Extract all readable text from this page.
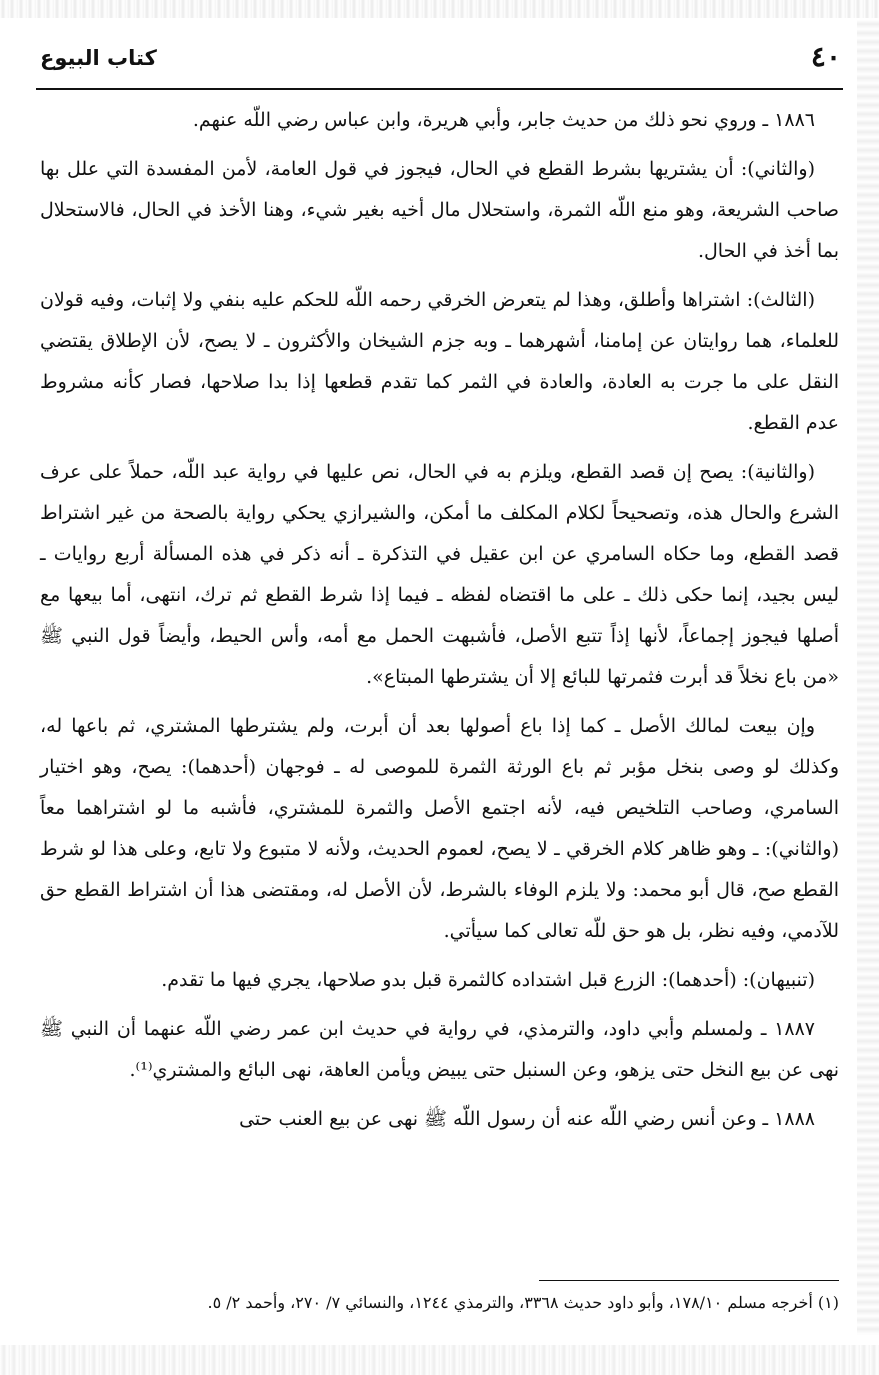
٤٠
كتاب البيوع

١٨٨٦ ـ وروي نحو ذلك من حديث جابر، وأبي هريرة، وابن عباس رضي اللّه عنهم.

(والثاني): أن يشتريها بشرط القطع في الحال، فيجوز في قول العامة، لأمن المفسدة التي علل بها صاحب الشريعة، وهو منع اللّه الثمرة، واستحلال مال أخيه بغير شيء، وهنا الأخذ في الحال، فالاستحلال بما أخذ في الحال.

(الثالث): اشتراها وأطلق، وهذا لم يتعرض الخرقي رحمه اللّه للحكم عليه بنفي ولا إثبات، وفيه قولان للعلماء، هما روايتان عن إمامنا، أشهرهما ـ وبه جزم الشيخان والأكثرون ـ لا يصح، لأن الإطلاق يقتضي النقل على ما جرت به العادة، والعادة في الثمر كما تقدم قطعها إذا بدا صلاحها، فصار كأنه مشروط عدم القطع.

(والثانية): يصح إن قصد القطع، ويلزم به في الحال، نص عليها في رواية عبد اللّه، حملاً على عرف الشرع والحال هذه، وتصحيحاً لكلام المكلف ما أمكن، والشيرازي يحكي رواية بالصحة من غير اشتراط قصد القطع، وما حكاه السامري عن ابن عقيل في التذكرة ـ أنه ذكر في هذه المسألة أربع روايات ـ ليس بجيد، إنما حكى ذلك ـ على ما اقتضاه لفظه ـ فيما إذا شرط القطع ثم ترك، انتهى، أما بيعها مع أصلها فيجوز إجماعاً، لأنها إذاً تتبع الأصل، فأشبهت الحمل مع أمه، وأس الحيط، وأيضاً قول النبي ﷺ «من باع نخلاً قد أبرت فثمرتها للبائع إلا أن يشترطها المبتاع».

وإن بيعت لمالك الأصل ـ كما إذا باع أصولها بعد أن أبرت، ولم يشترطها المشتري، ثم باعها له، وكذلك لو وصى بنخل مؤبر ثم باع الورثة الثمرة للموصى له ـ فوجهان (أحدهما): يصح، وهو اختيار السامري، وصاحب التلخيص فيه، لأنه اجتمع الأصل والثمرة للمشتري، فأشبه ما لو اشتراهما معاً (والثاني): ـ وهو ظاهر كلام الخرقي ـ لا يصح، لعموم الحديث، ولأنه لا متبوع ولا تابع، وعلى هذا لو شرط القطع صح، قال أبو محمد: ولا يلزم الوفاء بالشرط، لأن الأصل له، ومقتضى هذا أن اشتراط القطع حق للآدمي، وفيه نظر، بل هو حق للّه تعالى كما سيأتي.

(تنبيهان): (أحدهما): الزرع قبل اشتداده كالثمرة قبل بدو صلاحها، يجري فيها ما تقدم.

١٨٨٧ ـ ولمسلم وأبي داود، والترمذي، في رواية في حديث ابن عمر رضي اللّه عنهما أن النبي ﷺ نهى عن بيع النخل حتى يزهو، وعن السنبل حتى يبيض ويأمن العاهة، نهى البائع والمشتري⁽¹⁾.

١٨٨٨ ـ وعن أنس رضي اللّه عنه أن رسول اللّه ﷺ نهى عن بيع العنب حتى

(١) أخرجه مسلم ١٧٨/١٠، وأبو داود حديث ٣٣٦٨، والترمذي ١٢٤٤، والنسائي ٧/ ٢٧٠، وأحمد ٢/ ٥.
